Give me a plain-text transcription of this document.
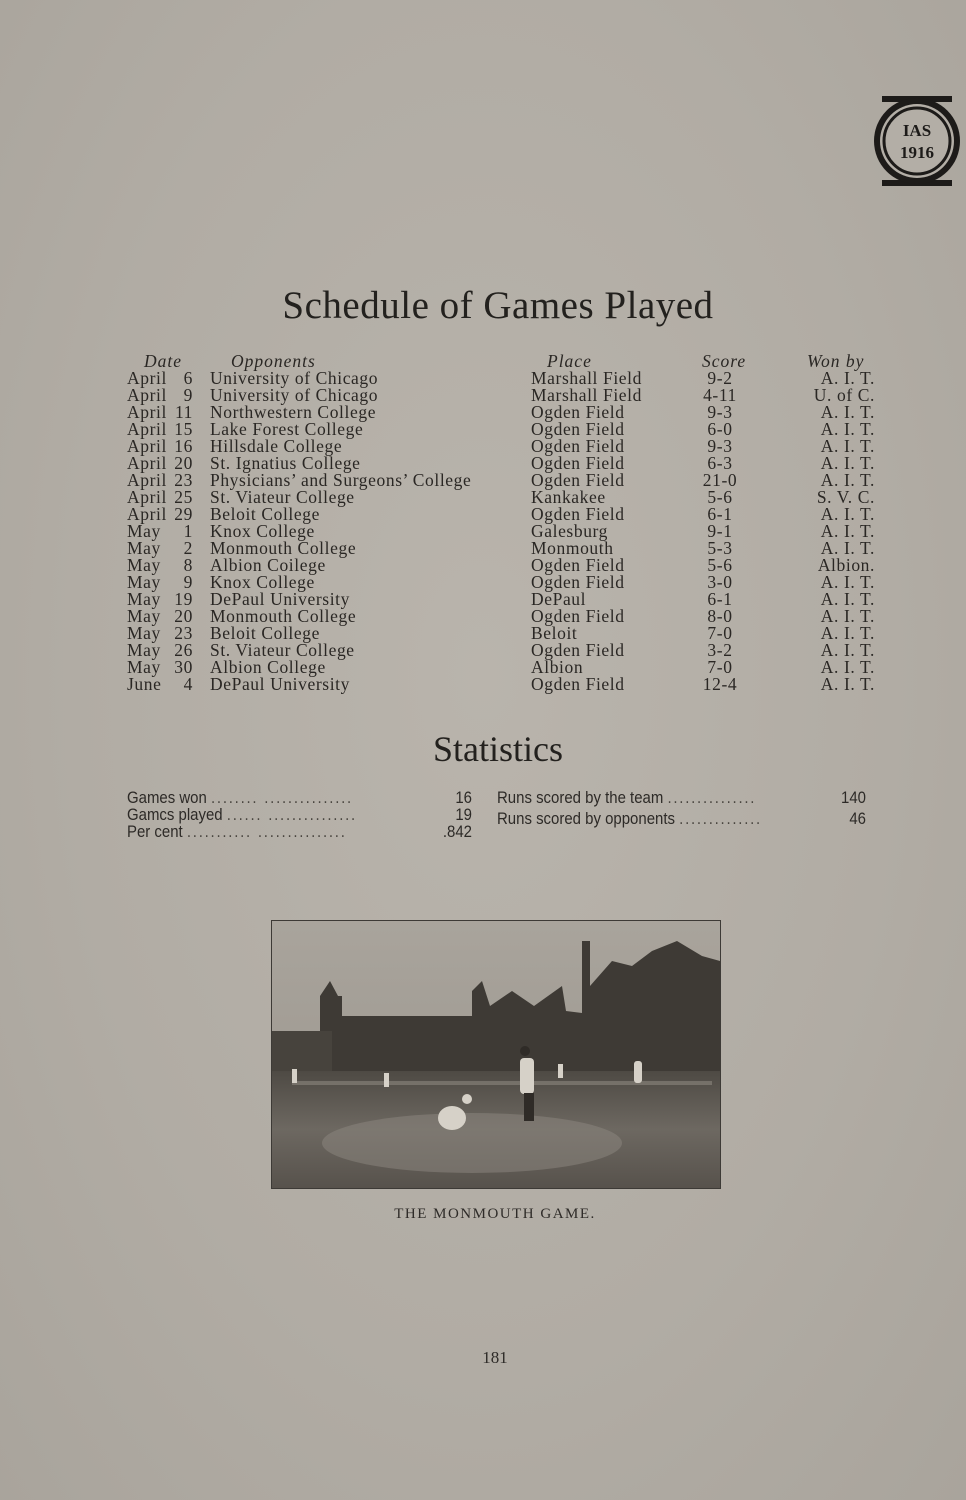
IAS
1916
Schedule of Games Played
Date	Opponents	Place	Score	Won by
April 6 University of Chicago	Marshall Field	9-2	A. I. T.
April 9 University of Chicago	Marshall Field	4-11	U. of C.
April 11 Northwestern College	Ogden Field	9-3	A. I. T.
April 15 Lake Forest College	Ogden Field	6-0	A. I. T.
April 16 Hillsdale College	Ogden Field	9-3	A. I. T.
April 20 St. Ignatius College	Ogden Field	6-3	A. I. T.
April 23 Physicians’ and Surgeons’ College	Ogden Field	21-0	A. I. T.
April 25 St. Viateur College	Kankakee	5-6	S. V. C.
April 29 Beloit College	Ogden Field	6-1	A. I. T.
May	1 Knox College	Galesburg	9-1	A. I. T.
May	2 Monmouth College	Monmouth	5-3	A. I. T.
May	8 Albion Coilege	Ogden Field	5-6	Albion.
May	9 Knox College	Ogden Field	3-0	A. I. T.
May 19 DePaul University	DePaul	6-1	A. I. T.
May 20 Monmouth College	Ogden Field	8-0	A. I. T.
May 23 Beloit College	Beloit	7-0	A. I. T.
May 26 St. Viateur College	Ogden Field	3-2	A. I. T.
May 30 Albion College	Albion	7-0	A. I. T.
June	4 DePaul University	Ogden Field	12-4	A. I. T.
Statistics
Games won ........ ...............	16
Gamcs played ...... ...............	19
Per cent ........... ...............	.842
Runs scored by the team ...............	140
Runs scored by opponents ..............	46
THE MONMOUTH GAME.
181
